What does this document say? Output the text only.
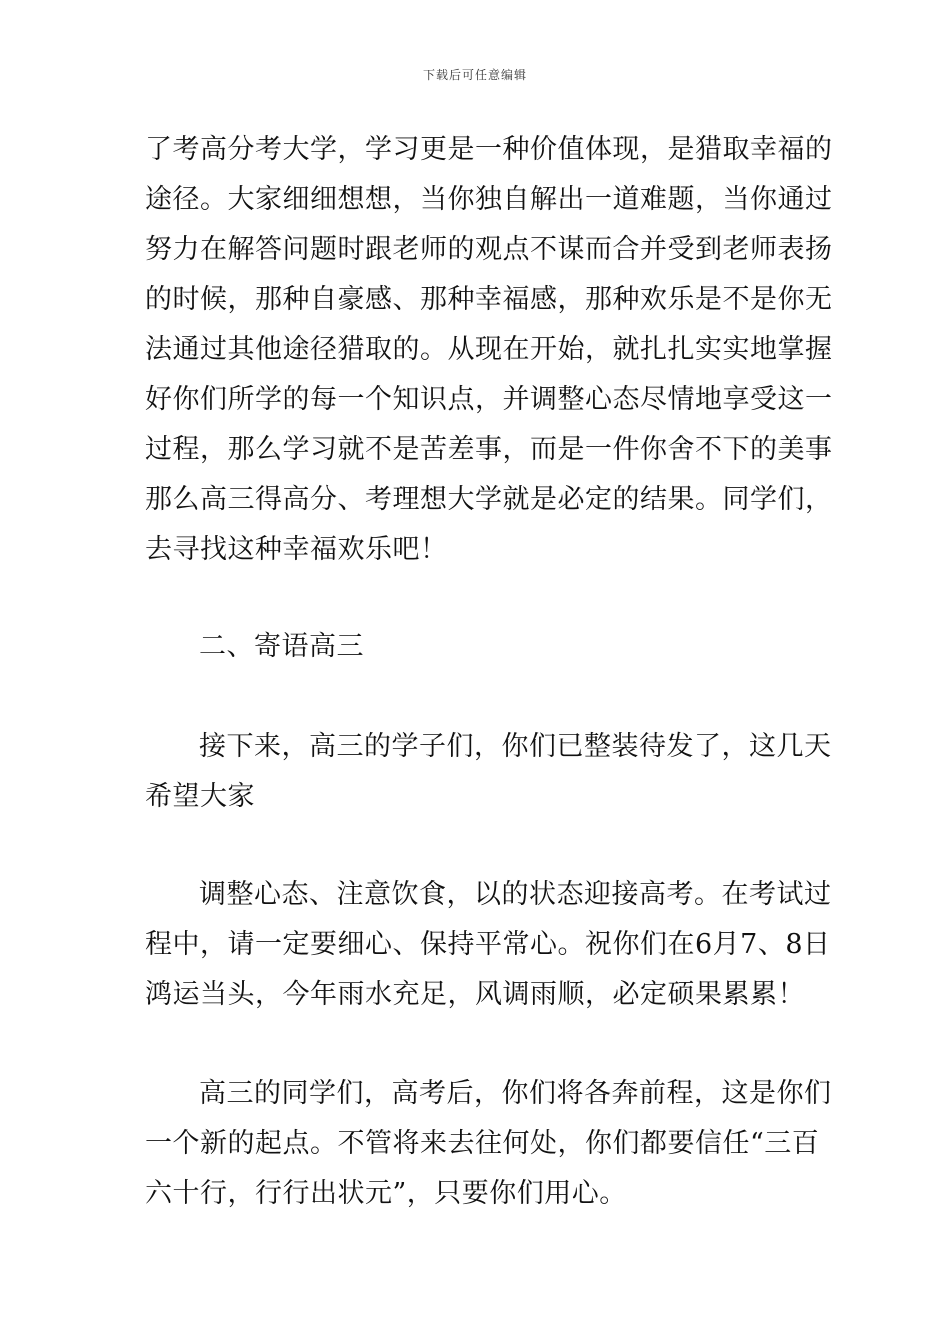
下载后可任意编辑
了考高分考大学，学习更是一种价值体现，是猎取幸福的
途径。大家细细想想，当你独自解出一道难题，当你通过
努力在解答问题时跟老师的观点不谋而合并受到老师表扬
的时候，那种自豪感、那种幸福感，那种欢乐是不是你无
法通过其他途径猎取的。从现在开始，就扎扎实实地掌握
好你们所学的每一个知识点，并调整心态尽情地享受这一
过程，那么学习就不是苦差事，而是一件你舍不下的美事
那么高三得高分、考理想大学就是必定的结果。同学们，
去寻找这种幸福欢乐吧！
二、寄语高三
接下来，高三的学子们，你们已整装待发了，这几天
希望大家
调整心态、注意饮食，以的状态迎接高考。在考试过
程中，请一定要细心、保持平常心。祝你们在6月7、8日
鸿运当头，今年雨水充足，风调雨顺，必定硕果累累！
高三的同学们，高考后，你们将各奔前程，这是你们
一个新的起点。不管将来去往何处，你们都要信任“三百
六十行，行行出状元”，只要你们用心。
